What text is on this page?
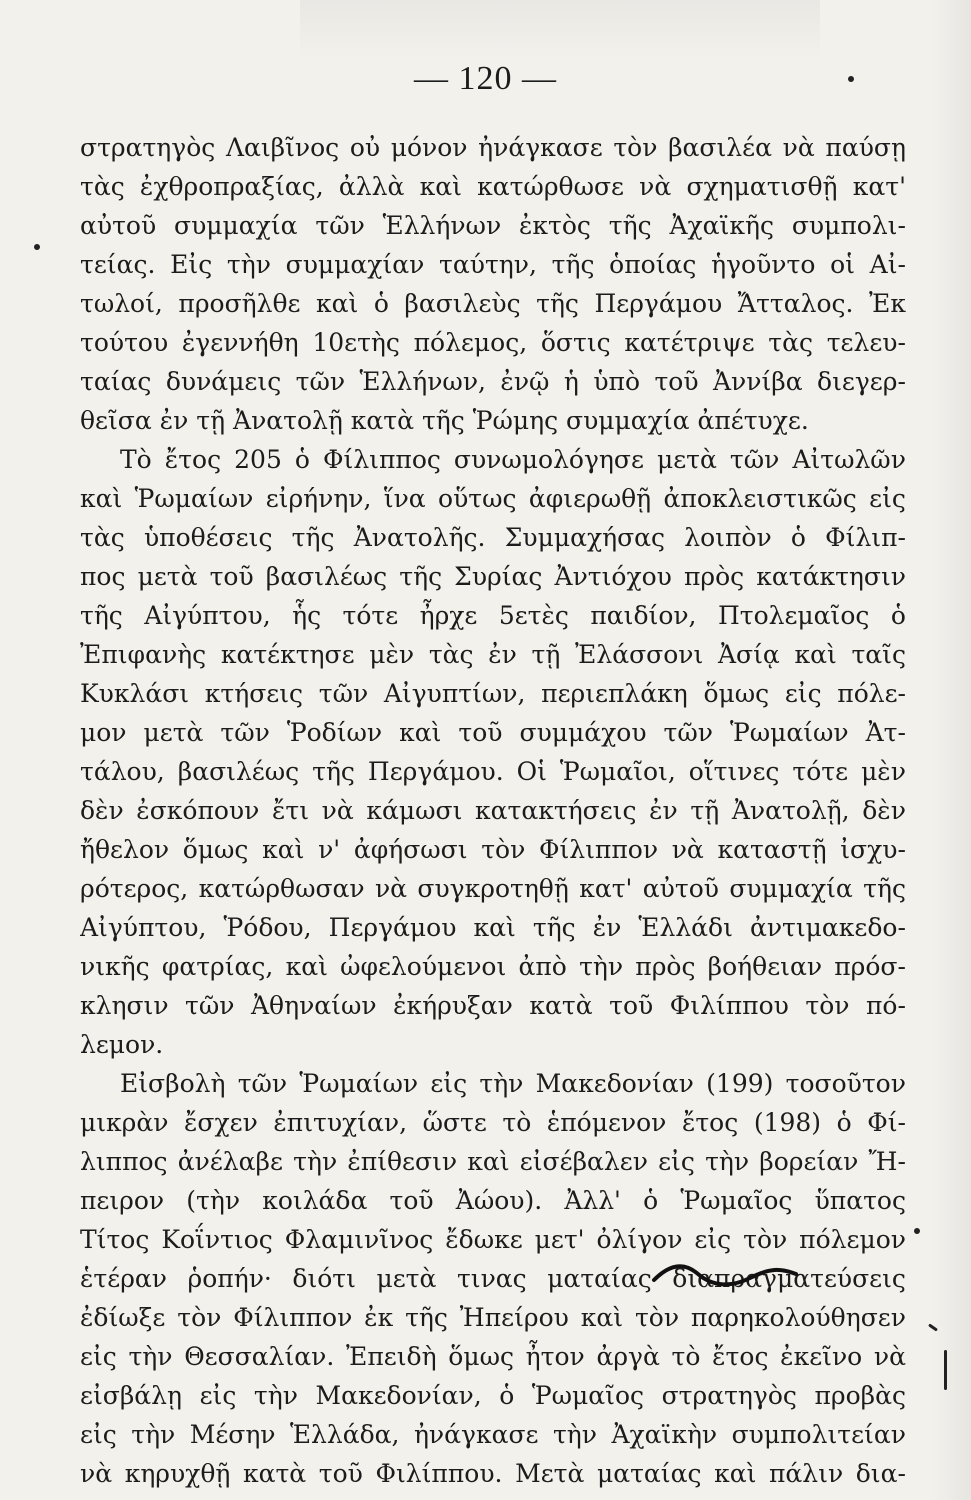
— 120 —
στρατηγὸς Λαιβῖνος οὐ μόνον ἠνάγκασε τὸν βασιλέα νὰ παύσῃ
τὰς ἐχθροπραξίας, ἀλλὰ καὶ κατώρθωσε νὰ σχηματισθῇ κατ'
αὐτοῦ συμμαχία τῶν Ἑλλήνων ἐκτὸς τῆς Ἀχαϊκῆς συμπολι-
τείας. Εἰς τὴν συμμαχίαν ταύτην, τῆς ὁποίας ἡγοῦντο οἱ Αἰ-
τωλοί, προσῆλθε καὶ ὁ βασιλεὺς τῆς Περγάμου Ἄτταλος. Ἐκ
τούτου ἐγεννήθη 10ετὴς πόλεμος, ὅστις κατέτριψε τὰς τελευ-
ταίας δυνάμεις τῶν Ἑλλήνων, ἐνῷ ἡ ὑπὸ τοῦ Ἀννίβα διεγερ-
θεῖσα ἐν τῇ Ἀνατολῇ κατὰ τῆς Ῥώμης συμμαχία ἀπέτυχε.
Τὸ ἔτος 205 ὁ Φίλιππος συνωμολόγησε μετὰ τῶν Αἰτωλῶν
καὶ Ῥωμαίων εἰρήνην, ἵνα οὕτως ἀφιερωθῇ ἀποκλειστικῶς εἰς
τὰς ὑποθέσεις τῆς Ἀνατολῆς. Συμμαχήσας λοιπὸν ὁ Φίλιπ-
πος μετὰ τοῦ βασιλέως τῆς Συρίας Ἀντιόχου πρὸς κατάκτησιν
τῆς Αἰγύπτου, ἧς τότε ἦρχε 5ετὲς παιδίον, Πτολεμαῖος ὁ
Ἐπιφανὴς κατέκτησε μὲν τὰς ἐν τῇ Ἐλάσσονι Ἀσίᾳ καὶ ταῖς
Κυκλάσι κτήσεις τῶν Αἰγυπτίων, περιεπλάκη ὅμως εἰς πόλε-
μον μετὰ τῶν Ῥοδίων καὶ τοῦ συμμάχου τῶν Ῥωμαίων Ἀτ-
τάλου, βασιλέως τῆς Περγάμου. Οἱ Ῥωμαῖοι, οἵτινες τότε μὲν
δὲν ἐσκόπουν ἔτι νὰ κάμωσι κατακτήσεις ἐν τῇ Ἀνατολῇ, δὲν
ἤθελον ὅμως καὶ ν' ἀφήσωσι τὸν Φίλιππον νὰ καταστῇ ἰσχυ-
ρότερος, κατώρθωσαν νὰ συγκροτηθῇ κατ' αὐτοῦ συμμαχία τῆς
Αἰγύπτου, Ῥόδου, Περγάμου καὶ τῆς ἐν Ἑλλάδι ἀντιμακεδο-
νικῆς φατρίας, καὶ ὠφελούμενοι ἀπὸ τὴν πρὸς βοήθειαν πρόσ-
κλησιν τῶν Ἀθηναίων ἐκήρυξαν κατὰ τοῦ Φιλίππου τὸν πό-
λεμον.
Εἰσβολὴ τῶν Ῥωμαίων εἰς τὴν Μακεδονίαν (199) τοσοῦτον
μικρὰν ἔσχεν ἐπιτυχίαν, ὥστε τὸ ἑπόμενον ἔτος (198) ὁ Φί-
λιππος ἀνέλαβε τὴν ἐπίθεσιν καὶ εἰσέβαλεν εἰς τὴν βορείαν Ἤ-
πειρον (τὴν κοιλάδα τοῦ Ἀώου). Ἀλλ' ὁ Ῥωμαῖος ὕπατος
Τίτος Κοΐντιος Φλαμινῖνος ἔδωκε μετ' ὀλίγον εἰς τὸν πόλεμον
ἑτέραν ῥοπήν· διότι μετὰ τινας ματαίας διαπραγματεύσεις
ἐδίωξε τὸν Φίλιππον ἐκ τῆς Ἠπείρου καὶ τὸν παρηκολούθησεν
εἰς τὴν Θεσσαλίαν. Ἐπειδὴ ὅμως ἦτον ἀργὰ τὸ ἔτος ἐκεῖνο νὰ
εἰσβάλῃ εἰς τὴν Μακεδονίαν, ὁ Ῥωμαῖος στρατηγὸς προβὰς
εἰς τὴν Μέσην Ἑλλάδα, ἠνάγκασε τὴν Ἀχαϊκὴν συμπολιτείαν
νὰ κηρυχθῇ κατὰ τοῦ Φιλίππου. Μετὰ ματαίας καὶ πάλιν δια-
